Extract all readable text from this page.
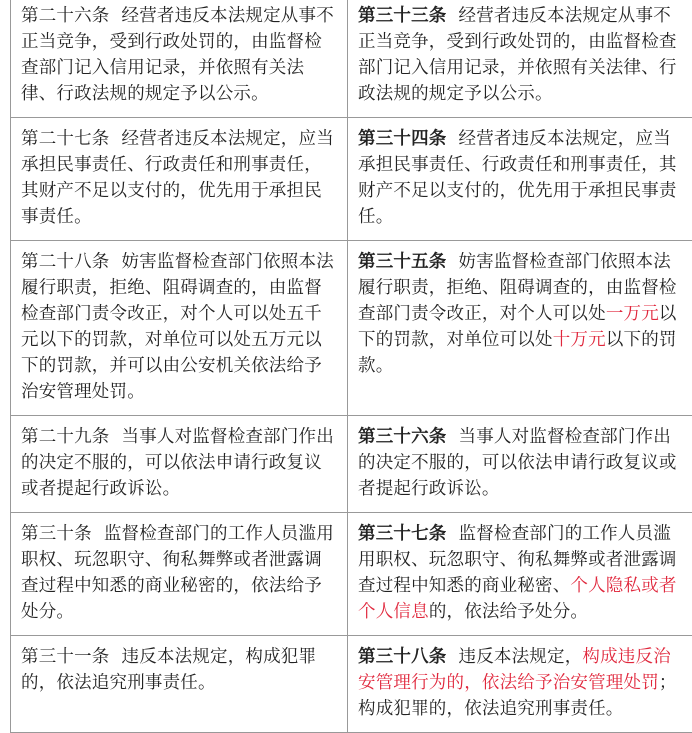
第二十六条 经营者违反本法规定从事不正当竞争，受到行政处罚的，由监督检查部门记入信用记录，并依照有关法律、行政法规的规定予以公示。	第三十三条 经营者违反本法规定从事不正当竞争，受到行政处罚的，由监督检查部门记入信用记录，并依照有关法律、行政法规的规定予以公示。
第二十七条 经营者违反本法规定，应当承担民事责任、行政责任和刑事责任，其财产不足以支付的，优先用于承担民事责任。	第三十四条 经营者违反本法规定，应当承担民事责任、行政责任和刑事责任，其财产不足以支付的，优先用于承担民事责任。
第二十八条 妨害监督检查部门依照本法履行职责，拒绝、阻碍调查的，由监督检查部门责令改正，对个人可以处五千元以下的罚款，对单位可以处五万元以下的罚款，并可以由公安机关依法给予治安管理处罚。	第三十五条 妨害监督检查部门依照本法履行职责，拒绝、阻碍调查的，由监督检查部门责令改正，对个人可以处一万元以下的罚款，对单位可以处十万元以下的罚款。
第二十九条 当事人对监督检查部门作出的决定不服的，可以依法申请行政复议或者提起行政诉讼。	第三十六条 当事人对监督检查部门作出的决定不服的，可以依法申请行政复议或者提起行政诉讼。
第三十条 监督检查部门的工作人员滥用职权、玩忽职守、徇私舞弊或者泄露调查过程中知悉的商业秘密的，依法给予处分。	第三十七条 监督检查部门的工作人员滥用职权、玩忽职守、徇私舞弊或者泄露调查过程中知悉的商业秘密、个人隐私或者个人信息的，依法给予处分。
第三十一条 违反本法规定，构成犯罪的，依法追究刑事责任。	第三十八条 违反本法规定，构成违反治安管理行为的，依法给予治安管理处罚；构成犯罪的，依法追究刑事责任。
